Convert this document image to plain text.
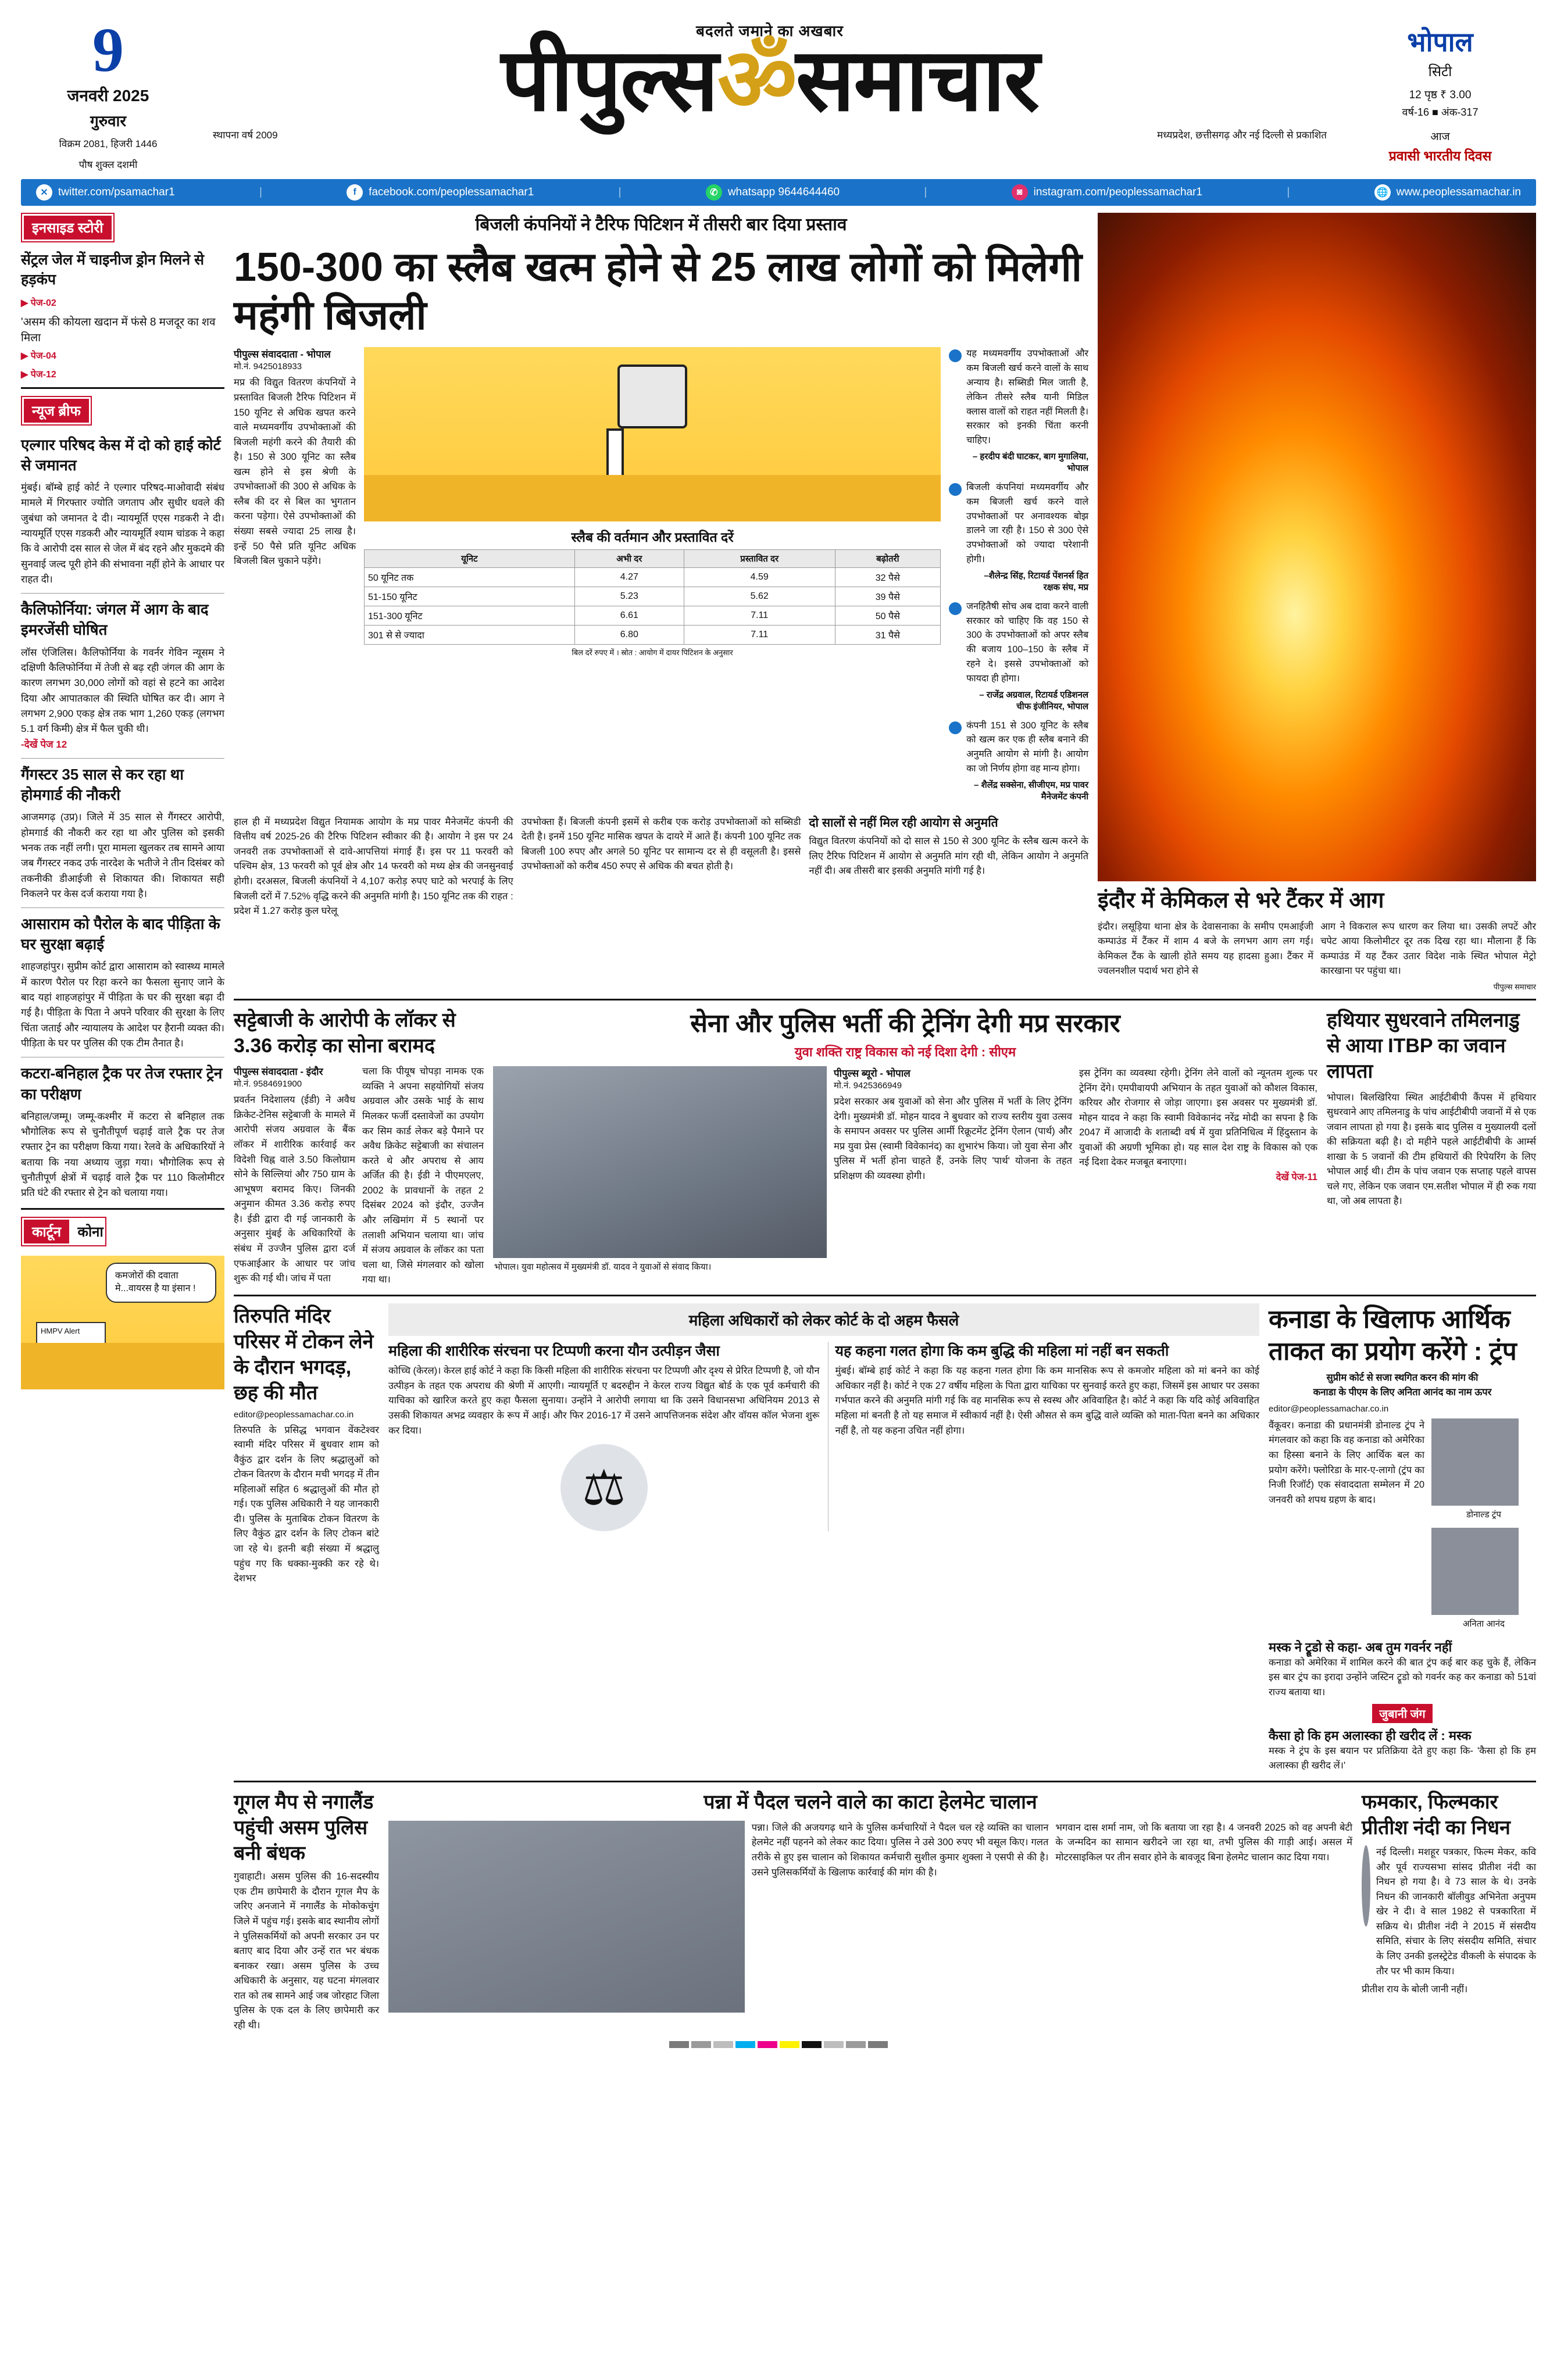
9
जनवरी 2025
गुरुवार
विक्रम 2081, हिजरी 1446
पौष शुक्ल दशमी
बदलते जमाने का अखबार
पीपुल्सॐसमाचार
स्थापना वर्ष 2009	मध्यप्रदेश, छत्तीसगढ़ और नई दिल्ली से प्रकाशित
भोपाल
सिटी
12 पृष्ठ ₹ 3.00
वर्ष-16 ■ अंक-317
आज
प्रवासी भारतीय दिवस
✕ twitter.com/psamachar1	|	f	facebook.com/peoplessamachar1	|	✆ whatsapp 9644644460	|	◙	instagram.com/peoplessamachar1	|	🌐 www.peoplessamachar.in
इनसाइड स्टोरी
सेंट्रल जेल में चाइनीज ड्रोन मिलने से हड़कंप
▶ पेज-02
'असम की कोयला खदान में फंसे 8 मजदूर का शव मिला
▶ पेज-04
▶ पेज-12
न्यूज ब्रीफ
एल्गार परिषद केस में दो को हाई कोर्ट से जमानत
मुंबई। बॉम्बे हाई कोर्ट ने एल्गार परिषद-माओवादी संबंध मामले में गिरफ्तार ज्योति जगताप और सुधीर धवले की जुबंधा को जमानत दे दी। न्यायमूर्ति एएस गडकरी ने दी। न्यायमूर्ति एएस गडकरी और न्यायमूर्ति श्याम चांडक ने कहा कि वे आरोपी दस साल से जेल में बंद रहने और मुकदमे की सुनवाई जल्द पूरी होने की संभावना नहीं होने के आधार पर राहत दी।
कैलिफोर्निया: जंगल में आग के बाद इमरजेंसी घोषित
लॉस एंजिलिस। कैलिफोर्निया के गवर्नर गेविन न्यूसम ने दक्षिणी कैलिफोर्निया में तेजी से बढ़ रही जंगल की आग के कारण लगभग 30,000 लोगों को वहां से हटने का आदेश दिया और आपातकाल की स्थिति घोषित कर दी। आग ने लगभग 2,900 एकड़ क्षेत्र तक भाग 1,260 एकड़ (लगभग 5.1 वर्ग किमी) क्षेत्र में फैल चुकी थी।
-देखें पेज 12
गैंगस्टर 35 साल से कर रहा था होमगार्ड की नौकरी
आजमगढ़ (उप्र)। जिले में 35 साल से गैंगस्टर आरोपी, होमगार्ड की नौकरी कर रहा था और पुलिस को इसकी भनक तक नहीं लगी। पूरा मामला खुलकर तब सामने आया जब गैंगस्टर नकद उर्फ नारदेश के भतीजे ने तीन दिसंबर को तकनीकी डीआईजी से शिकायत की। शिकायत सही निकलने पर केस दर्ज कराया गया है।
आसाराम को पैरोल के बाद पीड़िता के घर सुरक्षा बढ़ाई
शाहजहांपुर। सुप्रीम कोर्ट द्वारा आसाराम को स्वास्थ्य मामले में कारण पैरोल पर रिहा करने का फैसला सुनाए जाने के बाद यहां शाहजहांपुर में पीड़िता के घर की सुरक्षा बढ़ा दी गई है। पीड़िता के पिता ने अपने परिवार की सुरक्षा के लिए चिंता जताई और न्यायालय के आदेश पर हैरानी व्यक्त की। पीड़िता के घर पर पुलिस की एक टीम तैनात है।
कटरा-बनिहाल ट्रैक पर तेज रफ्तार ट्रेन का परीक्षण
बनिहाल/जम्मू। जम्मू-कश्मीर में कटरा से बनिहाल तक भौगोलिक रूप से चुनौतीपूर्ण चढ़ाई वाले ट्रैक पर तेज रफ्तार ट्रेन का परीक्षण किया गया। रेलवे के अधिकारियों ने बताया कि नया अध्याय जुड़ा गया। भौगोलिक रूप से चुनौतीपूर्ण क्षेत्रों में चढ़ाई वाले ट्रैक पर 110 किलोमीटर प्रति घंटे की रफ्तार से ट्रेन को चलाया गया।
कार्टून कोना
कमजोरों की दवाता मे...वायरस है या इंसान !
HMPV Alert
बिजली कंपनियों ने टैरिफ पिटिशन में तीसरी बार दिया प्रस्ताव
150-300 का स्लैब खत्म होने से 25 लाख लोगों को मिलेगी महंगी बिजली
पीपुल्स संवाददाता - भोपाल
मो.नं. 9425018933
मप्र की विद्युत वितरण कंपनियों ने प्रस्तावित बिजली टैरिफ पिटिशन में 150 यूनिट से अधिक खपत करने वाले मध्यमवर्गीय उपभोक्ताओं की बिजली महंगी करने की तैयारी की है। 150 से 300 यूनिट का स्लैब खत्म होने से इस श्रेणी के उपभोक्ताओं की 300 से अधिक के स्लैब की दर से बिल का भुगतान करना पड़ेगा। ऐसे उपभोक्ताओं की संख्या सबसे ज्यादा 25 लाख है। इन्हें 50 पैसे प्रति यूनिट अधिक बिजली बिल चुकाने पड़ेंगे।
स्लैब की वर्तमान और प्रस्तावित दरें
यूनिट	अभी दर	प्रस्तावित दर	बढ़ोतरी
50 यूनिट तक	4.27	4.59	32 पैसे
51-150 यूनिट	5.23	5.62	39 पैसे
151-300 यूनिट	6.61	7.11	50 पैसे
301 से से ज्यादा	6.80	7.11	31 पैसे
बिल दरें रुपए में । स्रोत : आयोग में दायर पिटिशन के अनुसार
यह मध्यमवर्गीय उपभोक्ताओं और कम बिजली खर्च करने वालों के साथ अन्याय है। सब्सिडी मिल जाती है, लेकिन तीसरे स्लैब यानी मिडिल क्लास वालों को राहत नहीं मिलती है। सरकार को इनकी चिंता करनी चाहिए।
– हरदीप बंदी घाटकर, बाग मुगालिया, भोपाल
बिजली कंपनियां मध्यमवर्गीय और कम बिजली खर्च करने वाले उपभोक्ताओं पर अनावश्यक बोझ डालने जा रही है। 150 से 300 ऐसे उपभोक्ताओं को ज्यादा परेशानी होगी।
–शैलेन्द्र सिंह, रिटायर्ड पेंशनर्स हित रक्षक संघ, मप्र
जनहितैषी सोच अब दावा करने वाली सरकार को चाहिए कि वह 150 से 300 के उपभोक्ताओं को अपर स्लैब की बजाय 100–150 के स्लैब में रहने दे। इससे उपभोक्ताओं को फायदा ही होगा।
– राजेंद्र अग्रवाल, रिटायर्ड एडिशनल चीफ इंजीनियर, भोपाल
कंपनी 151 से 300 यूनिट के स्लैब को खत्म कर एक ही स्लैब बनाने की अनुमति आयोग से मांगी है। आयोग का जो निर्णय होगा वह मान्य होगा।
– शैलेंद्र सक्सेना, सीजीएम, मप्र पावर मैनेजमेंट कंपनी
हाल ही में मध्यप्रदेश विद्युत नियामक आयोग के मप्र पावर मैनेजमेंट कंपनी की वित्तीय वर्ष 2025-26 की टैरिफ पिटिशन स्वीकार की है। आयोग ने इस पर 24 जनवरी तक उपभोक्ताओं से दावे-आपत्तियां मंगाई हैं। इस पर 11 फरवरी को पश्चिम क्षेत्र, 13 फरवरी को पूर्व क्षेत्र और 14 फरवरी को मध्य क्षेत्र की जनसुनवाई होगी। दरअसल, बिजली कंपनियों ने 4,107 करोड़ रुपए घाटे को भरपाई के लिए बिजली दरों में 7.52% वृद्धि करने की अनुमति मांगी है। 150 यूनिट तक की राहत : प्रदेश में 1.27 करोड़ कुल घरेलू
उपभोक्ता हैं। बिजली कंपनी इसमें से करीब एक करोड़ उपभोक्ताओं को सब्सिडी देती है। इनमें 150 यूनिट मासिक खपत के दायरे में आते हैं। कंपनी 100 यूनिट तक बिजली 100 रुपए और अगले 50 यूनिट पर सामान्य दर से ही वसूलती है। इससे उपभोक्ताओं को करीब 450 रुपए से अधिक की बचत होती है।
दो सालों से नहीं मिल रही आयोग से अनुमति
विद्युत वितरण कंपनियों को दो साल से 150 से 300 यूनिट के स्लैब खत्म करने के लिए टैरिफ पिटिशन में आयोग से अनुमति मांग रही थी, लेकिन आयोग ने अनुमति नहीं दी। अब तीसरी बार इसकी अनुमति मांगी गई है।
इंदौर में केमिकल से भरे टैंकर में आग
इंदौर। लसूड़िया थाना क्षेत्र के देवासनाका के समीप एमआईजी कम्पाउंड में टैंकर में शाम 4 बजे के लगभग आग लग गई। केमिकल टैंक के खाली होते समय यह हादसा हुआ। टैंकर में ज्वलनशील पदार्थ भरा होने से
आग ने विकराल रूप धारण कर लिया था। उसकी लपटें और चपेट आया किलोमीटर दूर तक दिख रहा था। मौलाना हैं कि कम्पाउंड में यह टैंकर उतार विदेश नाके स्थित भोपाल मेट्रो कारखाना पर पहुंचा था।
पीपुल्स समाचार
सट्टेबाजी के आरोपी के लॉकर से 3.36 करोड़ का सोना बरामद
पीपुल्स संवाददाता - इंदौर
मो.नं. 9584691900
प्रवर्तन निदेशालय (ईडी) ने अवैध क्रिकेट-टेनिस सट्टेबाजी के मामले में आरोपी संजय अग्रवाल के बैंक लॉकर में शारीरिक कार्रवाई कर विदेशी चिह्न वाले 3.50 किलोग्राम सोने के सिल्लियां और 750 ग्राम के आभूषण बरामद किए। जिनकी अनुमान कीमत 3.36 करोड़ रुपए है। ईडी द्वारा दी गई जानकारी के अनुसार मुंबई के अधिकारियों के संबंध में उज्जैन पुलिस द्वारा दर्ज एफआईआर के आधार पर जांच शुरू की गई थी। जांच में पता
चला कि पीयूष चोपड़ा नामक एक व्यक्ति ने अपना सहयोगियों संजय अग्रवाल और उसके भाई के साथ मिलकर फर्जी दस्तावेजों का उपयोग कर सिम कार्ड लेकर बड़े पैमाने पर अवैध क्रिकेट सट्टेबाजी का संचालन करते थे और अपराध से आय अर्जित की है। ईडी ने पीएमएलए, 2002 के प्रावधानों के तहत 2 दिसंबर 2024 को इंदौर, उज्जैन और लखिमांग में 5 स्थानों पर तलाशी अभियान चलाया था। जांच में संजय अग्रवाल के लॉकर का पता चला था, जिसे मंगलवार को खोला गया था।
सेना और पुलिस भर्ती की ट्रेनिंग देगी मप्र सरकार
युवा शक्ति राष्ट्र विकास को नई दिशा देगी : सीएम
भोपाल। युवा महोत्सव में मुख्यमंत्री डॉ. यादव ने युवाओं से संवाद किया।
पीपुल्स ब्यूरो - भोपाल
मो.नं. 9425366949
प्रदेश सरकार अब युवाओं को सेना और पुलिस में भर्ती के लिए ट्रेनिंग देगी। मुख्यमंत्री डॉ. मोहन यादव ने बुधवार को राज्य स्तरीय युवा उत्सव के समापन अवसर पर पुलिस आर्मी रिक्रूटमेंट ट्रेनिंग ऐलान (पार्थ) और मप्र युवा प्रेस (स्वामी विवेकानंद) का शुभारंभ किया। जो युवा सेना और पुलिस में भर्ती होना चाहते हैं, उनके लिए 'पार्थ' योजना के तहत प्रशिक्षण की व्यवस्था होगी।
इस ट्रेनिंग का व्यवस्था रहेगी। ट्रेनिंग लेने वालों को न्यूनतम शुल्क पर ट्रेनिंग देंगे। एमपीवायपी अभियान के तहत युवाओं को कौशल विकास, करियर और रोजगार से जोड़ा जाएगा। इस अवसर पर मुख्यमंत्री डॉ. मोहन यादव ने कहा कि स्वामी विवेकानंद नरेंद्र मोदी का सपना है कि 2047 में आजादी के शताब्दी वर्ष में युवा प्रतिनिधित्व में हिंदुस्तान के युवाओं की अग्रणी भूमिका हो। यह साल देश राष्ट्र के विकास को एक नई दिशा देकर मजबूत बनाएगा।
देखें पेज-11
हथियार सुधरवाने तमिलनाडु से आया ITBP का जवान लापता
भोपाल। बिलखिरिया स्थित आईटीबीपी कैंपस में हथियार सुधरवाने आए तमिलनाडु के पांच आईटीबीपी जवानों में से एक जवान लापता हो गया है। इसके बाद पुलिस व मुख्यालयी दलों की सक्रियता बढ़ी है। दो महीने पहले आईटीबीपी के आर्म्स शाखा के 5 जवानों की टीम हथियारों की रिपेयरिंग के लिए भोपाल आई थी। टीम के पांच जवान एक सप्ताह पहले वापस चले गए, लेकिन एक जवान एम.सतीश भोपाल में ही रुक गया था, जो अब लापता है।
तिरुपति मंदिर परिसर में टोकन लेने के दौरान भगदड़, छह की मौत
editor@peoplessamachar.co.in
तिरुपति के प्रसिद्ध भगवान वेंकटेश्वर स्वामी मंदिर परिसर में बुधवार शाम को वैकुंठ द्वार दर्शन के लिए श्रद्धालुओं को टोकन वितरण के दौरान मची भगदड़ में तीन महिलाओं सहित 6 श्रद्धालुओं की मौत हो गई। एक पुलिस अधिकारी ने यह जानकारी दी। पुलिस के मुताबिक टोकन वितरण के लिए वैकुंठ द्वार दर्शन के लिए टोकन बांटे जा रहे थे। इतनी बड़ी संख्या में श्रद्धालु पहुंच गए कि धक्का-मुक्की कर रहे थे। देशभर
महिला अधिकारों को लेकर कोर्ट के दो अहम फैसले
महिला की शारीरिक संरचना पर टिप्पणी करना यौन उत्पीड़न जैसा
कोच्चि (केरल)। केरल हाई कोर्ट ने कहा कि किसी महिला की शारीरिक संरचना पर टिप्पणी और दृश्य से प्रेरित टिप्पणी है, जो यौन उत्पीड़न के तहत एक अपराध की श्रेणी में आएगी। न्यायमूर्ति ए बदरुद्दीन ने केरल राज्य विद्युत बोर्ड के एक पूर्व कर्मचारी की याचिका को खारिज करते हुए कहा फैसला सुनाया। उन्होंने ने आरोपी लगाया था कि उसने विधानसभा अधिनियम 2013 से उसकी शिकायत अभद्र व्यवहार के रूप में आई। और फिर 2016-17 में उसने आपत्तिजनक संदेश और वॉयस कॉल भेजना शुरू कर दिया।
⚖
यह कहना गलत होगा कि कम बुद्धि की महिला मां नहीं बन सकती
मुंबई। बॉम्बे हाई कोर्ट ने कहा कि यह कहना गलत होगा कि कम मानसिक रूप से कमजोर महिला को मां बनने का कोई अधिकार नहीं है। कोर्ट ने एक 27 वर्षीय महिला के पिता द्वारा याचिका पर सुनवाई करते हुए कहा, जिसमें इस आधार पर उसका गर्भपात करने की अनुमति मांगी गई कि वह मानसिक रूप से स्वस्थ और अविवाहित है। कोर्ट ने कहा कि यदि कोई अविवाहित महिला मां बनती है तो यह समाज में स्वीकार्य नहीं है। ऐसी औसत से कम बुद्धि वाले व्यक्ति को माता-पिता बनने का अधिकार नहीं है, तो यह कहना उचित नहीं होगा।
कनाडा के खिलाफ आर्थिक ताकत का प्रयोग करेंगे : ट्रंप
सुप्रीम कोर्ट से सजा स्थगित करन की मांग की
कनाडा के पीएम के लिए अनिता आनंद का नाम ऊपर
editor@peoplessamachar.co.in
वैंकूवर। कनाडा की प्रधानमंत्री डोनाल्ड ट्रंप ने मंगलवार को कहा कि वह कनाडा को अमेरिका का हिस्सा बनाने के लिए आर्थिक बल का प्रयोग करेंगे। फ्लोरिडा के मार-ए-लागो (ट्रंप का निजी रिजॉर्ट) एक संवाददाता सम्मेलन में 20 जनवरी को शपथ ग्रहण के बाद।
डोनाल्ड ट्रंप
अनिता आनंद
मस्क ने ट्रूडो से कहा- अब तुम गवर्नर नहीं
कनाडा को अमेरिका में शामिल करने की बात ट्रंप कई बार कह चुके हैं, लेकिन इस बार ट्रंप का इरादा उन्होंने जस्टिन ट्रूडो को गवर्नर कह कर कनाडा को 51वां राज्य बताया था।
जुबानी जंग
कैसा हो कि हम अलास्का ही खरीद लें : मस्क
मस्क ने ट्रंप के इस बयान पर प्रतिक्रिया देते हुए कहा कि- 'कैसा हो कि हम अलास्का ही खरीद लें।'
गूगल मैप से नगालैंड पहुंची असम पुलिस बनी बंधक
गुवाहाटी। असम पुलिस की 16-सदस्यीय एक टीम छापेमारी के दौरान गूगल मैप के जरिए अनजाने में नगालैंड के मोकोकचुंग जिले में पहुंच गई। इसके बाद स्थानीय लोगों ने पुलिसकर्मियों को अपनी सरकार उन पर बताए बाद दिया और उन्हें रात भर बंधक बनाकर रखा। असम पुलिस के उच्च अधिकारी के अनुसार, यह घटना मंगलवार रात को तब सामने आई जब जोरहाट जिला पुलिस के एक दल के लिए छापेमारी कर रही थी।
पन्ना में पैदल चलने वाले का काटा हेलमेट चालान
पन्ना। जिले की अजयगढ़ थाने के पुलिस कर्मचारियों ने पैदल चल रहे व्यक्ति का चालान हेलमेट नहीं पहनने को लेकर काट दिया। पुलिस ने उसे 300 रुपए भी वसूल किए। गलत तरीके से हुए इस चालान को शिकायत कर्मचारी सुशील कुमार शुक्ला ने एसपी से की है। उसने पुलिसकर्मियों के खिलाफ कार्रवाई की मांग की है।
भगवान दास शर्मा नाम, जो कि बताया जा रहा है। 4 जनवरी 2025 को वह अपनी बेटी के जन्मदिन का सामान खरीदने जा रहा था, तभी पुलिस की गाड़ी आई। असल में मोटरसाइकिल पर तीन सवार होने के बावजूद बिना हेलमेट चालान काट दिया गया।
फमकार, फिल्मकार प्रीतीश नंदी का निधन
नई दिल्ली। मशहूर पत्रकार, फिल्म मेकर, कवि और पूर्व राज्यसभा सांसद प्रीतीश नंदी का निधन हो गया है। वे 73 साल के थे। उनके निधन की जानकारी बॉलीवुड अभिनेता अनुपम खेर ने दी। वे साल 1982 से पत्रकारिता में सक्रिय थे। प्रीतीश नंदी ने 2015 में संसदीय समिति, संचार के लिए संसदीय समिति, संचार के लिए उनकी इलस्ट्रेटेड वीकली के संपादक के तौर पर भी काम किया।
प्रीतीश राय के बोली जानी नहीं।
